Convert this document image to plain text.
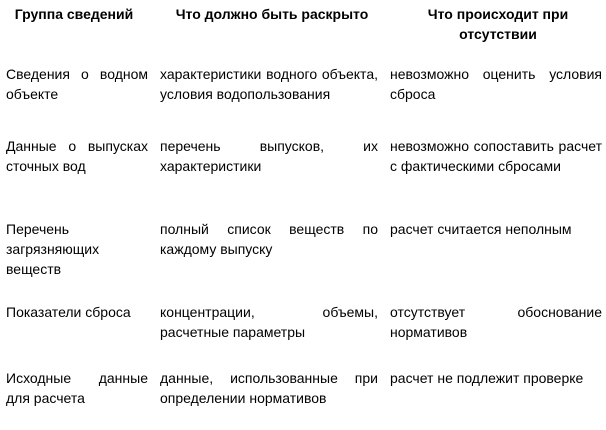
Группа сведений	Что должно быть раскрыто	Что происходит при отсутствии
Сведения о водном объекте	характеристики водного объекта, условия водопользования	невозможно оценить условия сброса
Данные о выпусках сточных вод	перечень выпусков, их характеристики	невозможно сопоставить расчет с фактическими сбросами
Перечень загрязняющих веществ	полный список веществ по каждому выпуску	расчет считается неполным
Показатели сброса	концентрации, объемы, расчетные параметры	отсутствует обоснование нормативов
Исходные данные для расчета	данные, использованные при определении нормативов	расчет не подлежит проверке
